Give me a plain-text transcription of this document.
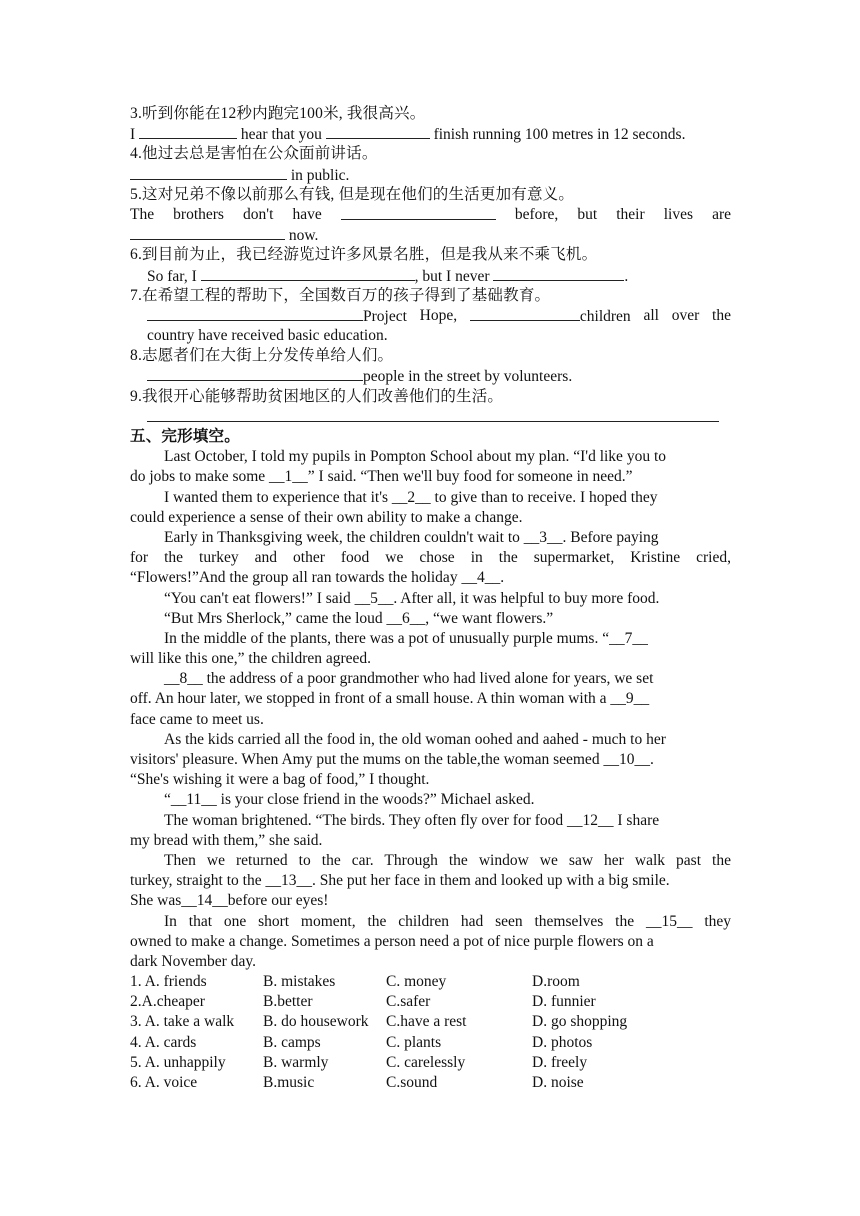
3.听到你能在12秒内跑完100米, 我很高兴。
I	hear that you	finish running 100 metres in 12 seconds.
4.他过去总是害怕在公众面前讲话。
in public.
5.这对兄弟不像以前那么有钱, 但是现在他们的生活更加有意义。
The brothers don't have	before, but their lives are
now.
6.到目前为止，我已经游览过许多风景名胜，但是我从来不乘飞机。
So far, I	, but I never	.
7.在希望工程的帮助下，全国数百万的孩子得到了基础教育。
Project Hope,	children all over the
country have received basic education.
8.志愿者们在大街上分发传单给人们。
people in the street by volunteers.
9.我很开心能够帮助贫困地区的人们改善他们的生活。
五、完形填空。
Last October, I told my pupils in Pompton School about my plan. “I'd like you to
do jobs to make some __1__” I said. “Then we'll buy food for someone in need.”
I wanted them to experience that it's __2__ to give than to receive. I hoped they
could experience a sense of their own ability to make a change.
Early in Thanksgiving week, the children couldn't wait to __3__. Before paying
for the turkey and other food we chose in the supermarket, Kristine cried,
“Flowers!”And the group all ran towards the holiday __4__.
“You can't eat flowers!” I said __5__. After all, it was helpful to buy more food.
“But Mrs Sherlock,” came the loud __6__, “we want flowers.”
In the middle of the plants, there was a pot of unusually purple mums. “__7__
will like this one,” the children agreed.
__8__ the address of a poor grandmother who had lived alone for years, we set
off. An hour later, we stopped in front of a small house. A thin woman with a __9__
face came to meet us.
As the kids carried all the food in, the old woman oohed and aahed - much to her
visitors' pleasure. When Amy put the mums on the table,the woman seemed __10__.
“She's wishing it were a bag of food,” I thought.
“__11__ is your close friend in the woods?” Michael asked.
The woman brightened. “The birds. They often fly over for food __12__ I share
my bread with them,” she said.
Then we returned to the car. Through the window we saw her walk past the
turkey, straight to the __13__. She put her face in them and looked up with a big smile.
She was__14__before our eyes!
In that one short moment, the children had seen themselves the __15__ they
owned to make a change. Sometimes a person need a pot of nice purple flowers on a
dark November day.
1. A. friends	B. mistakes	C. money	D.room
2.A.cheaper	B.better	C.safer	D. funnier
3. A. take a walk	B. do housework	C.have a rest	D. go shopping
4. A. cards	B. camps	C. plants	D. photos
5. A. unhappily	B. warmly	C. carelessly	D. freely
6. A. voice	B.music	C.sound	D. noise
